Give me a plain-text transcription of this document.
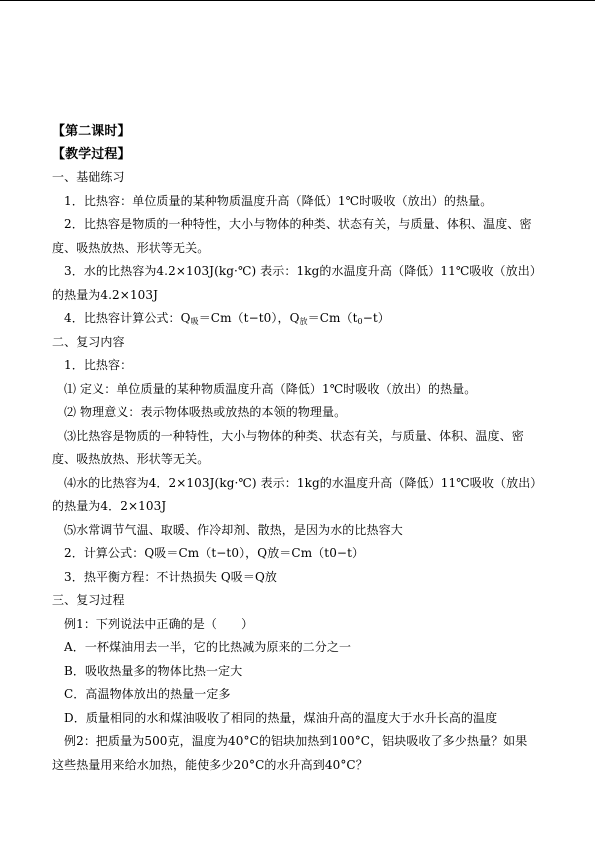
【第二课时】
【教学过程】
一、基础练习
1．比热容：单位质量的某种物质温度升高（降低）1℃时吸收（放出）的热量。
2．比热容是物质的一种特性，大小与物体的种类、状态有关，与质量、体积、温度、密
度、吸热放热、形状等无关。
3．水的比热容为4.2×103J(kg·℃) 表示：1kg的水温度升高（降低）11℃吸收（放出）
的热量为4.2×103J
4．比热容计算公式：$Q_吸=Cm(t-t0)$，$Q_放=Cm(t_0-t)$
二、复习内容
1．比热容：
⑴ 定义：单位质量的某种物质温度升高（降低）1℃时吸收（放出）的热量。
⑵ 物理意义：表示物体吸热或放热的本领的物理量。
⑶比热容是物质的一种特性，大小与物体的种类、状态有关，与质量、体积、温度、密
度、吸热放热、形状等无关。
⑷水的比热容为4．2×103J(kg·℃) 表示：1kg的水温度升高（降低）11℃吸收（放出）
的热量为4．2×103J
⑸水常调节气温、取暖、作冷却剂、散热，是因为水的比热容大
2．计算公式：Q吸＝Cm（t−t0），Q放＝Cm（t0−t）
3．热平衡方程：不计热损失 Q吸＝Q放
三、复习过程
例1：下列说法中正确的是（　　）
A．一杯煤油用去一半，它的比热减为原来的二分之一
B．吸收热量多的物体比热一定大
C．高温物体放出的热量一定多
D．质量相同的水和煤油吸收了相同的热量，煤油升高的温度大于水升长高的温度
例2：把质量为500克，温度为40°C的铝块加热到100°C，铝块吸收了多少热量？如果
这些热量用来给水加热，能使多少20°C的水升高到40°C？
